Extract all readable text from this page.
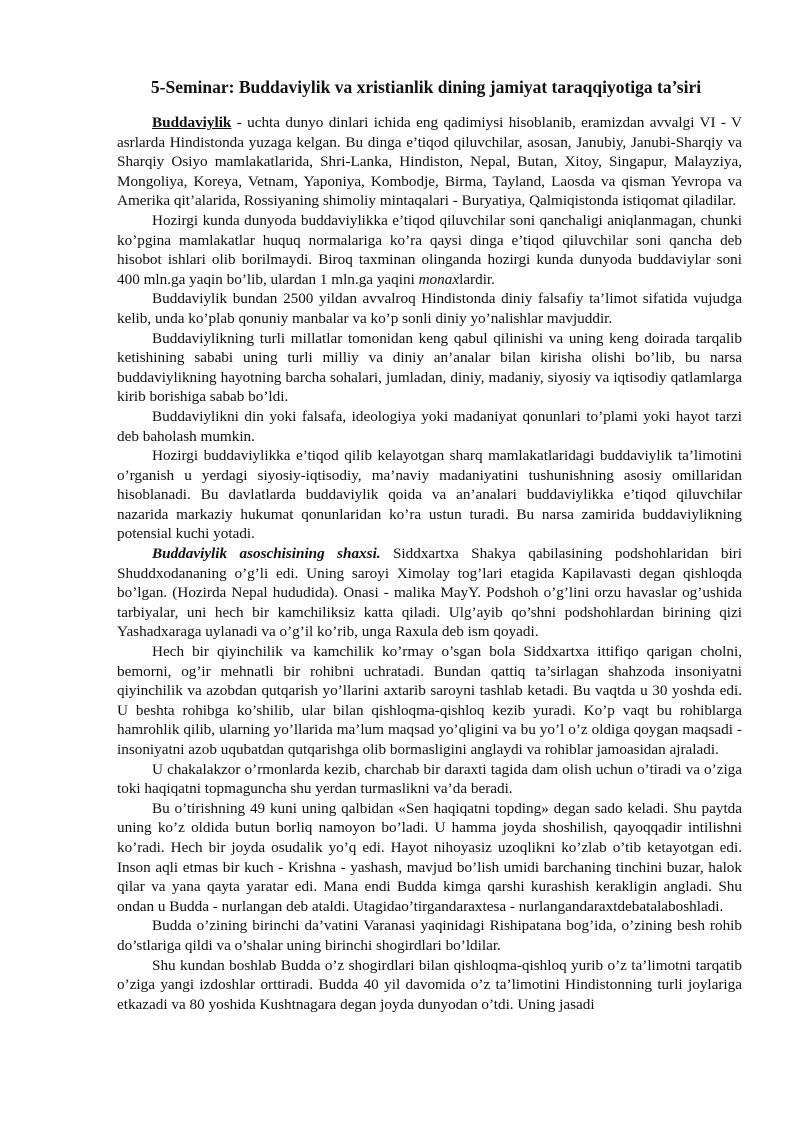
5-Seminar: Buddaviylik va xristianlik dining jamiyat taraqqiyotiga ta’siri

Buddaviylik - uchta dunyo dinlari ichida eng qadimiysi hisoblanib, eramizdan avvalgi VI - V asrlarda Hindistonda yuzaga kelgan. Bu dinga e’tiqod qiluvchilar, asosan, Janubiy, Janubi-Sharqiy va Sharqiy Osiyo mamlakatlarida, Shri-Lanka, Hindiston, Nepal, Butan, Xitoy, Singapur, Malayziya, Mongoliya, Koreya, Vetnam, Yaponiya, Kombodje, Birma, Tayland, Laosda va qisman Yevropa va Amerika qit’alarida, Rossiyaning shimoliy mintaqalari - Buryatiya, Qalmiqistonda istiqomat qiladilar.

Hozirgi kunda dunyoda buddaviylikka e’tiqod qiluvchilar soni qanchaligi aniqlanmagan, chunki ko’pgina mamlakatlar huquq normalariga ko’ra qaysi dinga e’tiqod qiluvchilar soni qancha deb hisobot ishlari olib borilmaydi. Biroq taxminan olinganda hozirgi kunda dunyoda buddaviylar soni 400 mln.ga yaqin bo’lib, ulardan 1 mln.ga yaqini monaxlardir.

Buddaviylik bundan 2500 yildan avvalroq Hindistonda diniy falsafiy ta’limot sifatida vujudga kelib, unda ko’plab qonuniy manbalar va ko’p sonli diniy yo’nalishlar mavjuddir.

Buddaviylikning turli millatlar tomonidan keng qabul qilinishi va uning keng doirada tarqalib ketishining sababi uning turli milliy va diniy an’analar bilan kirisha olishi bo’lib, bu narsa buddaviylikning hayotning barcha sohalari, jumladan, diniy, madaniy, siyosiy va iqtisodiy qatlamlarga kirib borishiga sabab bo’ldi.

Buddaviylikni din yoki falsafa, ideologiya yoki madaniyat qonunlari to’plami yoki hayot tarzi deb baholash mumkin.

Hozirgi buddaviylikka e’tiqod qilib kelayotgan sharq mamlakatlaridagi buddaviylik ta’limotini o’rganish u yerdagi siyosiy-iqtisodiy, ma’naviy madaniyatini tushunishning asosiy omillaridan hisoblanadi. Bu davlatlarda buddaviylik qoida va an’analari buddaviylikka e’tiqod qiluvchilar nazarida markaziy hukumat qonunlaridan ko’ra ustun turadi. Bu narsa zamirida buddaviylikning potensial kuchi yotadi.

Buddaviylik asoschisining shaxsi. Siddxartxa Shakya qabilasining podshohlaridan biri Shuddxodananing o’g’li edi. Uning saroyi Ximolay tog’lari etagida Kapilavasti degan qishloqda bo’lgan. (Hozirda Nepal hududida). Onasi - malika MayY. Podshoh o’g’lini orzu havaslar og’ushida tarbiyalar, uni hech bir kamchiliksiz katta qiladi. Ulg’ayib qo’shni podshohlardan birining qizi Yashadxaraga uylanadi va o’g’il ko’rib, unga Raxula deb ism qoyadi.

Hech bir qiyinchilik va kamchilik ko’rmay o’sgan bola Siddxartxa ittifiqo qarigan cholni, bemorni, og’ir mehnatli bir rohibni uchratadi. Bundan qattiq ta’sirlagan shahzoda insoniyatni qiyinchilik va azobdan qutqarish yo’llarini axtarib saroyni tashlab ketadi. Bu vaqtda u 30 yoshda edi. U beshta rohibga ko’shilib, ular bilan qishloqma-qishloq kezib yuradi. Ko’p vaqt bu rohiblarga hamrohlik qilib, ularning yo’llarida ma’lum maqsad yo’qligini va bu yo’l o’z oldiga qoygan maqsadi - insoniyatni azob uqubatdan qutqarishga olib bormasligini anglaydi va rohiblar jamoasidan ajraladi.

U chakalakzor o’rmonlarda kezib, charchab bir daraxti tagida dam olish uchun o’tiradi va o’ziga toki haqiqatni topmaguncha shu yerdan turmaslikni va’da beradi.

Bu o’tirishning 49 kuni uning qalbidan «Sen haqiqatni topding» degan sado keladi. Shu paytda uning ko’z oldida butun borliq namoyon bo’ladi. U hamma joyda shoshilish, qayoqqadir intilishni ko’radi. Hech bir joyda osudalik yo’q edi. Hayot nihoyasiz uzoqlikni ko’zlab o’tib ketayotgan edi. Inson aqli etmas bir kuch - Krishna - yashash, mavjud bo’lish umidi barchaning tinchini buzar, halok qilar va yana qayta yaratar edi. Mana endi Budda kimga qarshi kurashish kerakligin angladi. Shu ondan u Budda - nurlangan deb ataldi. Utagidao’tirgandaraxtesa - nurlangandaraxtdebatalaboshladi.

Budda o’zining birinchi da’vatini Varanasi yaqinidagi Rishipatana bog’ida, o’zining besh rohib do’stlariga qildi va o’shalar uning birinchi shogirdlari bo’ldilar.

Shu kundan boshlab Budda o’z shogirdlari bilan qishloqma-qishloq yurib o’z ta’limotni tarqatib o’ziga yangi izdoshlar orttiradi. Budda 40 yil davomida o’z ta’limotini Hindistonning turli joylariga etkazadi va 80 yoshida Kushtnagara degan joyda dunyodan o’tdi. Uning jasadi
